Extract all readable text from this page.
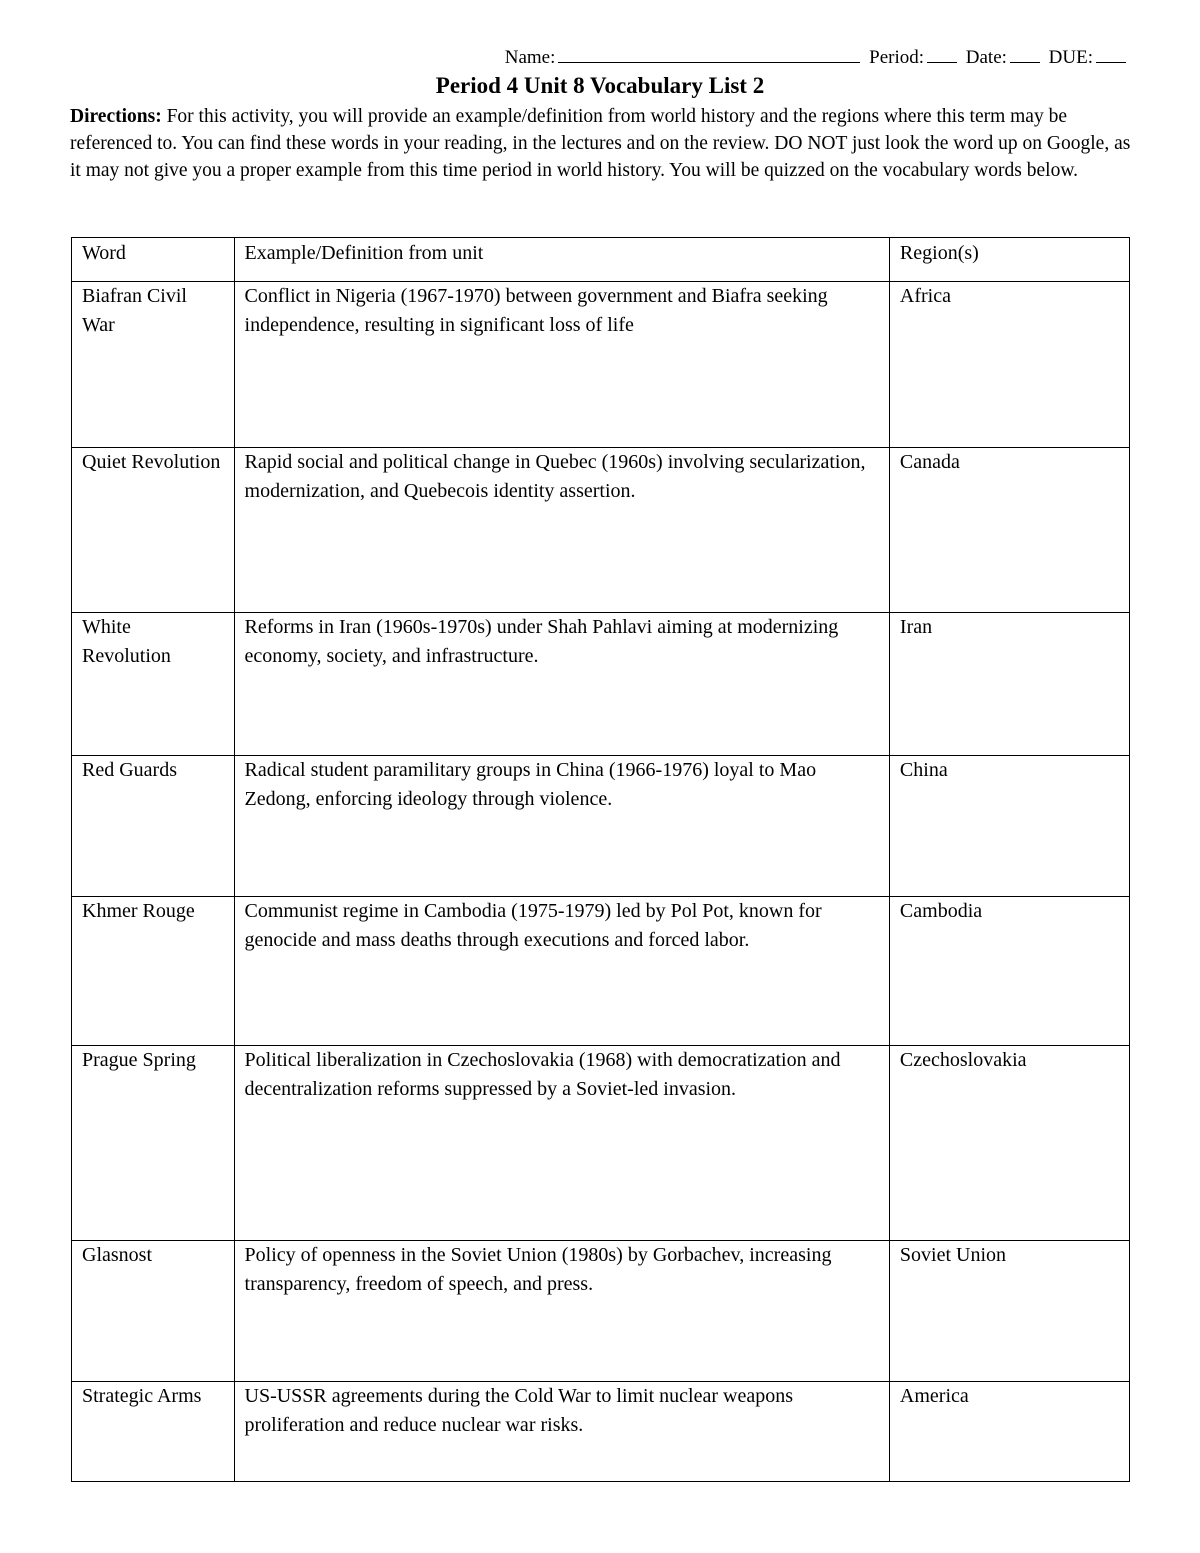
Name:	Period: Date: DUE:
Period 4 Unit 8 Vocabulary List 2
Directions: For this activity, you will provide an example/definition from world history and the regions where this term may be referenced to. You can find these words in your reading, in the lectures and on the review. DO NOT just look the word up on Google, as it may not give you a proper example from this time period in world history. You will be quizzed on the vocabulary words below.
Word	Example/Definition from unit	Region(s)
Biafran Civil War	Conflict in Nigeria (1967-1970) between government and Biafra seeking independence, resulting in significant loss of life	Africa
Quiet Revolution	Rapid social and political change in Quebec (1960s) involving secularization, modernization, and Quebecois identity assertion.	Canada
White Revolution	Reforms in Iran (1960s-1970s) under Shah Pahlavi aiming at modernizing economy, society, and infrastructure.	Iran
Red Guards	Radical student paramilitary groups in China (1966-1976) loyal to Mao Zedong, enforcing ideology through violence.	China
Khmer Rouge	Communist regime in Cambodia (1975-1979) led by Pol Pot, known for genocide and mass deaths through executions and forced labor.	Cambodia
Prague Spring	Political liberalization in Czechoslovakia (1968) with democratization and decentralization reforms suppressed by a Soviet-led invasion.	Czechoslovakia
Glasnost	Policy of openness in the Soviet Union (1980s) by Gorbachev, increasing transparency, freedom of speech, and press.	Soviet Union
Strategic Arms	US-USSR agreements during the Cold War to limit nuclear weapons proliferation and reduce nuclear war risks.	America
